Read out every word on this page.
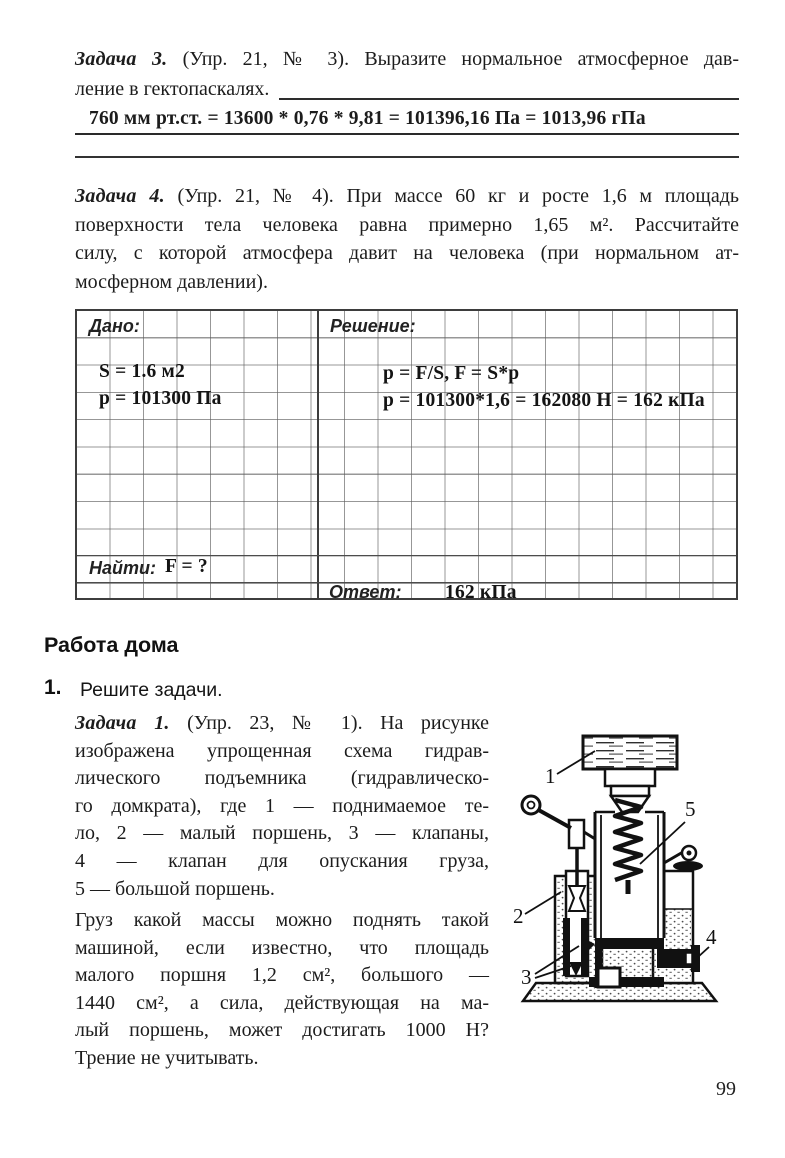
Задача 3. (Упр. 21, № 3). Выразите нормальное атмосферное дав-
ление в гектопаскалях.
760 мм рт.ст. = 13600 * 0,76 * 9,81 = 101396,16 Па = 1013,96 гПа
Задача 4. (Упр. 21, № 4). При массе 60 кг и росте 1,6 м площадь
поверхности тела человека равна примерно 1,65 м². Рассчитайте
силу, с которой атмосфера давит на человека (при нормальном ат-
мосферном давлении).
Дано:
S = 1.6 м2
p = 101300 Па
Решение:
p = F/S, F = S*p
p = 101300*1,6 = 162080 Н = 162 кПа
Найти: F = ?
Ответ: 162 кПа
Работа дома
1. Решите задачи.
Задача 1. (Упр. 23, № 1). На рисунке
изображена упрощенная схема гидрав-
лического подъемника (гидравлическо-
го домкрата), где 1 — поднимаемое те-
ло, 2 — малый поршень, 3 — клапаны,
4 — клапан для опускания груза,
5 — большой поршень.
Груз какой массы можно поднять такой
машиной, если известно, что площадь
малого поршня 1,2 см², большого —
1440 см², а сила, действующая на ма-
лый поршень, может достигать 1000 Н?
Трение не учитывать.
1
2
3
4
5
99
